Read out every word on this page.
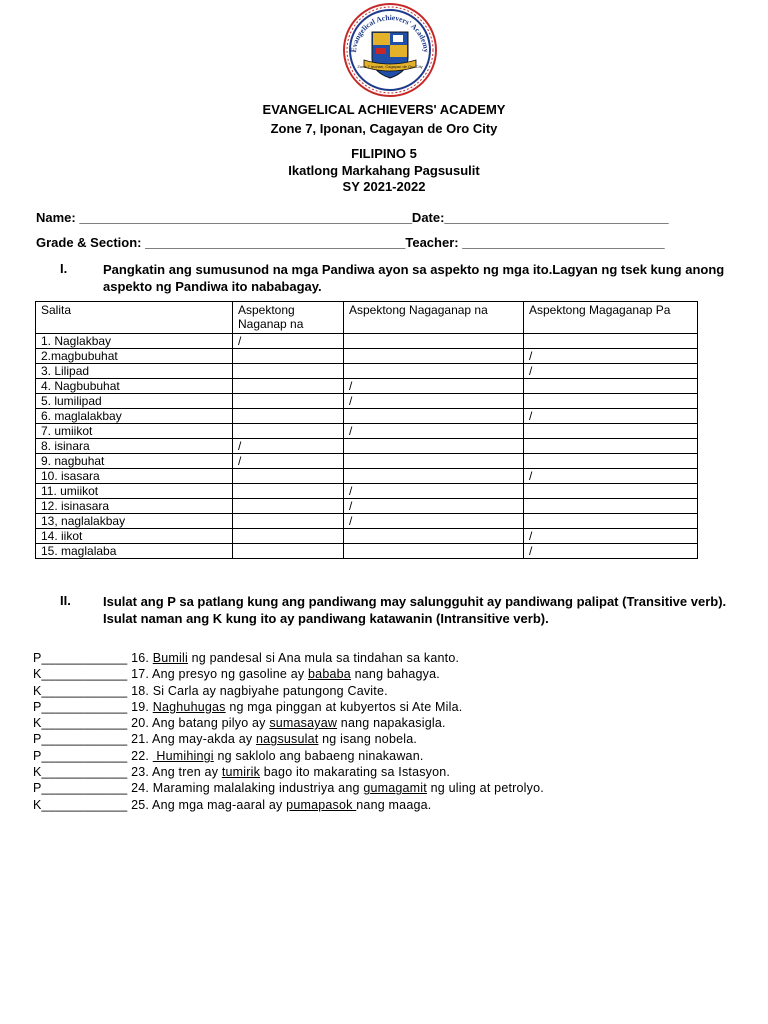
Evangelical Achievers' Academy
Zone 7 Iponan, Cagayan de Oro City
EVANGELICAL ACHIEVERS' ACADEMY
Zone 7, Iponan, Cagayan de Oro City
FILIPINO 5
Ikatlong Markahang Pagsusulit
SY 2021-2022
Name: ______________________________________________Date:_______________________________
Grade & Section: ____________________________________Teacher: ____________________________
I.	Pangkatin ang sumusunod na mga Pandiwa ayon sa aspekto ng mga ito.Lagyan ng tsek kung anong aspekto ng Pandiwa ito nababagay.
Salita	Aspektong Naganap na	Aspektong Nagaganap na	Aspektong Magaganap Pa
1. Naglakbay	/		
2.magbubuhat			/
3. Lilipad			/
4. Nagbubuhat		/	
5. lumilipad		/	
6. maglalakbay			/
7. umiikot		/	
8. isinara	/		
9. nagbuhat	/		
10. isasara			/
11. umiikot		/	
12. isinasara		/	
13, naglalakbay		/	
14. iikot			/
15. maglalaba			/
II. Isulat ang P sa patlang kung ang pandiwang may salungguhit ay pandiwang palipat (Transitive verb). Isulat naman ang K kung ito ay pandiwang katawanin (Intransitive verb).
P____________ 16. Bumili ng pandesal si Ana mula sa tindahan sa kanto.
K____________ 17. Ang presyo ng gasoline ay bababa nang bahagya.
K____________ 18. Si Carla ay nagbiyahe patungong Cavite.
P____________ 19. Naghuhugas ng mga pinggan at kubyertos si Ate Mila.
K____________ 20. Ang batang pilyo ay sumasayaw nang napakasigla.
P____________ 21. Ang may-akda ay nagsusulat ng isang nobela.
P____________ 22.  Humihingi ng saklolo ang babaeng ninakawan.
K____________ 23. Ang tren ay tumirik bago ito makarating sa Istasyon.
P____________ 24. Maraming malalaking industriya ang gumagamit ng uling at petrolyo.
K____________ 25. Ang mga mag-aaral ay pumapasok nang maaga.
